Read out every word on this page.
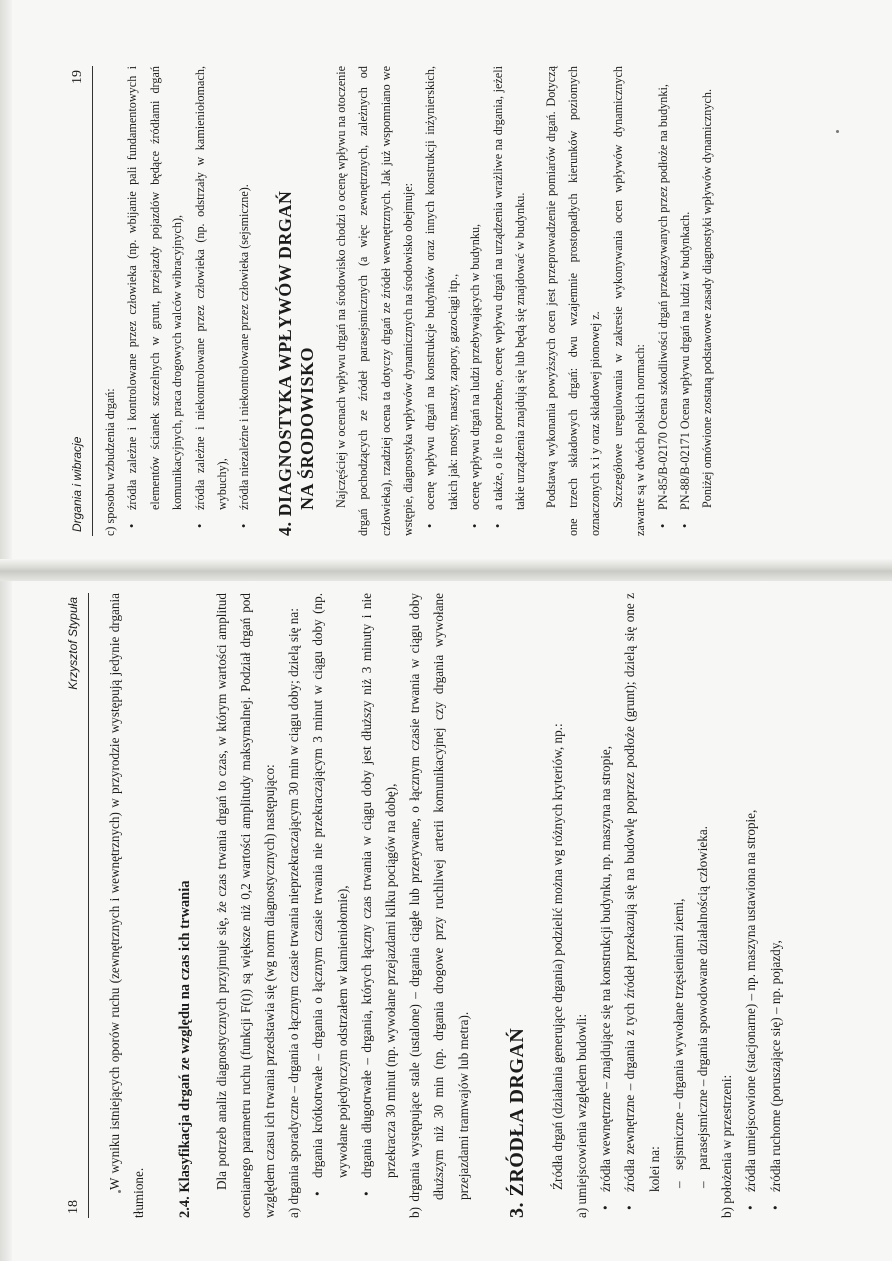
18
Krzysztof Stypuła	W wyniku istniejących oporów ruchu (zewnętrznych i wewnętrznych) w przyrodzie występują jedynie drgania tłumione.	2.4. Klasyfikacja drgań ze względu na czas ich trwania	Dla potrzeb analiz diagnostycznych przyjmuje się, że czas trwania drgań to czas, w którym wartości amplitud ocenianego parametru ruchu (funkcji F(t)) są większe niż 0,2 wartości amplitudy maksymalnej. Podział drgań pod względem czasu ich trwania przedstawia się (wg norm diagnostycznych) następująco: a) drgania sporadyczne – drgania o łącznym czasie trwania nieprzekraczającym 30 min w ciągu doby; dzielą się na: • drgania krótkotrwałe – drgania o łącznym czasie trwania nie przekraczającym 3 minut w ciągu doby (np. wywołane pojedynczym odstrzałem w kamieniołomie), • drgania długotrwałe – drgania, których łączny czas trwania w ciągu doby jest dłuższy niż 3 minuty i nie przekracza 30 minut (np. wywołane przejazdami kilku pociągów na dobę), b) drgania występujące stale (ustalone) – drgania ciągłe lub przerywane, o łącznym czasie trwania w ciągu doby dłuższym niż 30 min (np. drgania drogowe przy ruchliwej arterii komunikacyjnej czy drgania wywołane przejazdami tramwajów lub metra). 3. ŹRÓDŁA DRGAŃ	Źródła drgań (działania generujące drgania) podzielić można wg różnych kryteriów, np.: a) umiejscowienia względem budowli: • źródła wewnętrzne – znajdujące się na konstrukcji budynku, np. maszyna na stropie, • źródła zewnętrzne – drgania z tych źródeł przekazują się na budowlę poprzez podłoże (grunt); dzielą się one z kolei na: – sejsmiczne – drgania wywołane trzęsieniami ziemi, – parasejsmiczne – drgania spowodowane działalnością człowieka. b) położenia w przestrzeni: • źródła umiejscowione (stacjonarne) – np. maszyna ustawiona na stropie, • źródła ruchome (poruszające się) – np. pojazdy,
Drgania i wibracje
19

c) sposobu wzbudzenia drgań: • źródła zależne i kontrolowane przez człowieka (np. wbijanie pali fundamentowych i elementów ścianek szczelnych w grunt, przejazdy pojazdów będące źródłami drgań komunikacyjnych, praca drogowych walców wibracyjnych), • źródła zależne i niekontrolowane przez człowieka (np. odstrzały w kamieniołomach, wybuchy), • źródła niezależne i niekontrolowane przez człowieka (sejsmiczne). 4. DIAGNOSTYKA WPŁYWÓW DRGAŃ NA ŚRODOWISKO	Najczęściej w ocenach wpływu drgań na środowisko chodzi o ocenę wpływu na otoczenie drgań pochodzących ze źródeł parasejsmicznych (a więc zewnętrznych, zależnych od człowieka), rzadziej ocena ta dotyczy drgań ze źródeł wewnętrznych. Jak już wspomniano we wstępie, diagnostyka wpływów dynamicznych na środowisko obejmuje: • ocenę wpływu drgań na konstrukcje budynków oraz innych konstrukcji inżynierskich, takich jak: mosty, maszty, zapory, gazociągi itp., • ocenę wpływu drgań na ludzi przebywających w budynku, • a także, o ile to potrzebne, ocenę wpływu drgań na urządzenia wrażliwe na drgania, jeżeli takie urządzenia znajdują się lub będą się znajdować w budynku.	Podstawą wykonania powyższych ocen jest przeprowadzenie pomiarów drgań. Dotyczą one trzech składowych drgań: dwu wzajemnie prostopadłych kierunków poziomych oznaczonych x i y oraz składowej pionowej z. Szczegółowe uregulowania w zakresie wykonywania ocen wpływów dynamicznych zawarte są w dwóch polskich normach: • PN-85/B-02170 Ocena szkodliwości drgań przekazywanych przez podłoże na budynki, • PN-88/B-02171 Ocena wpływu drgań na ludzi w budynkach. Poniżej omówione zostaną podstawowe zasady diagnostyki wpływów dynamicznych.
